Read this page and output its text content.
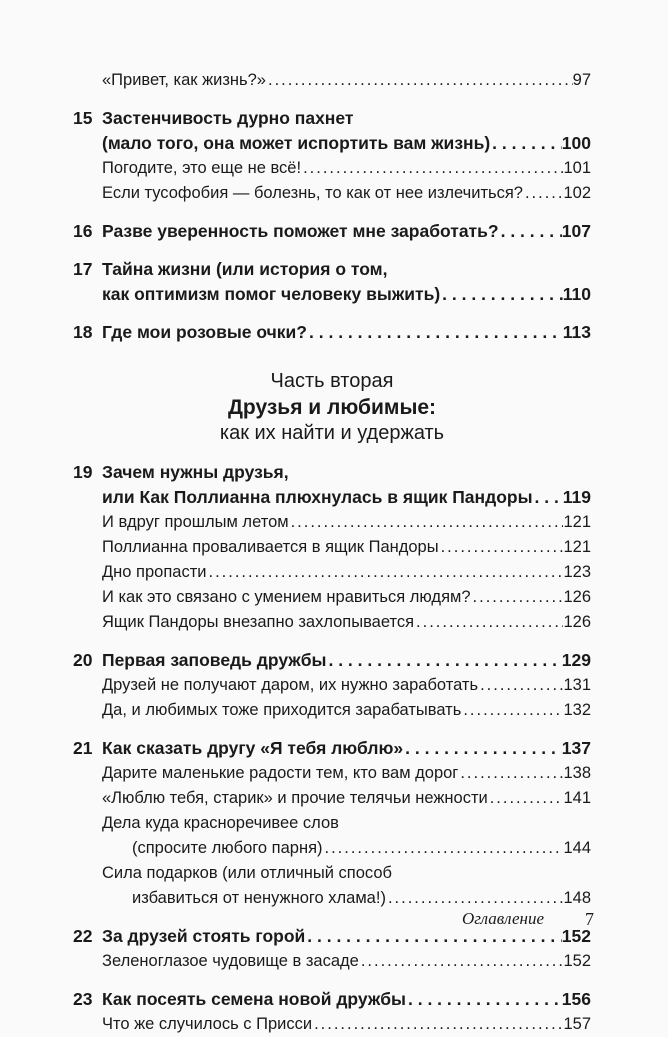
«Привет, как жизнь?» .....	97
15 Застенчивость дурно пахнет
(мало того, она может испортить вам жизнь) . . .	100
Погодите, это еще не всё! .....	101
Если тусофобия — болезнь, то как от нее излечиться? ..... 102
16 Разве уверенность поможет мне заработать? . . .	107
17 Тайна жизни (или история о том,
как оптимизм помог человеку выжить) . . .	110
18 Где мои розовые очки? . . .	113
Часть вторая
Друзья и любимые:
как их найти и удержать
19 Зачем нужны друзья,
или Как Поллианна плюхнулась в ящик Пандоры . . . 119
И вдруг прошлым летом .....	121
Поллианна проваливается в ящик Пандоры .....	121
Дно пропасти .....	123
И как это связано с умением нравиться людям? .....	126
Ящик Пандоры внезапно захлопывается .....	126
20 Первая заповедь дружбы . . .	129
Друзей не получают даром, их нужно заработать .....	131
Да, и любимых тоже приходится зарабатывать .....	132
21 Как сказать другу «Я тебя люблю» . . .	137
Дарите маленькие радости тем, кто вам дорог .....	138
«Люблю тебя, старик» и прочие телячьи нежности .....	141
Дела куда красноречивее слов
(спросите любого парня) .....	144
Сила подарков (или отличный способ
избавиться от ненужного хлама!) .....	148
22 За друзей стоять горой . . .	152
Зеленоглазое чудовище в засаде .....	152
23 Как посеять семена новой дружбы . . .	156
Что же случилось с Присси .....	157
Оглавление 7
